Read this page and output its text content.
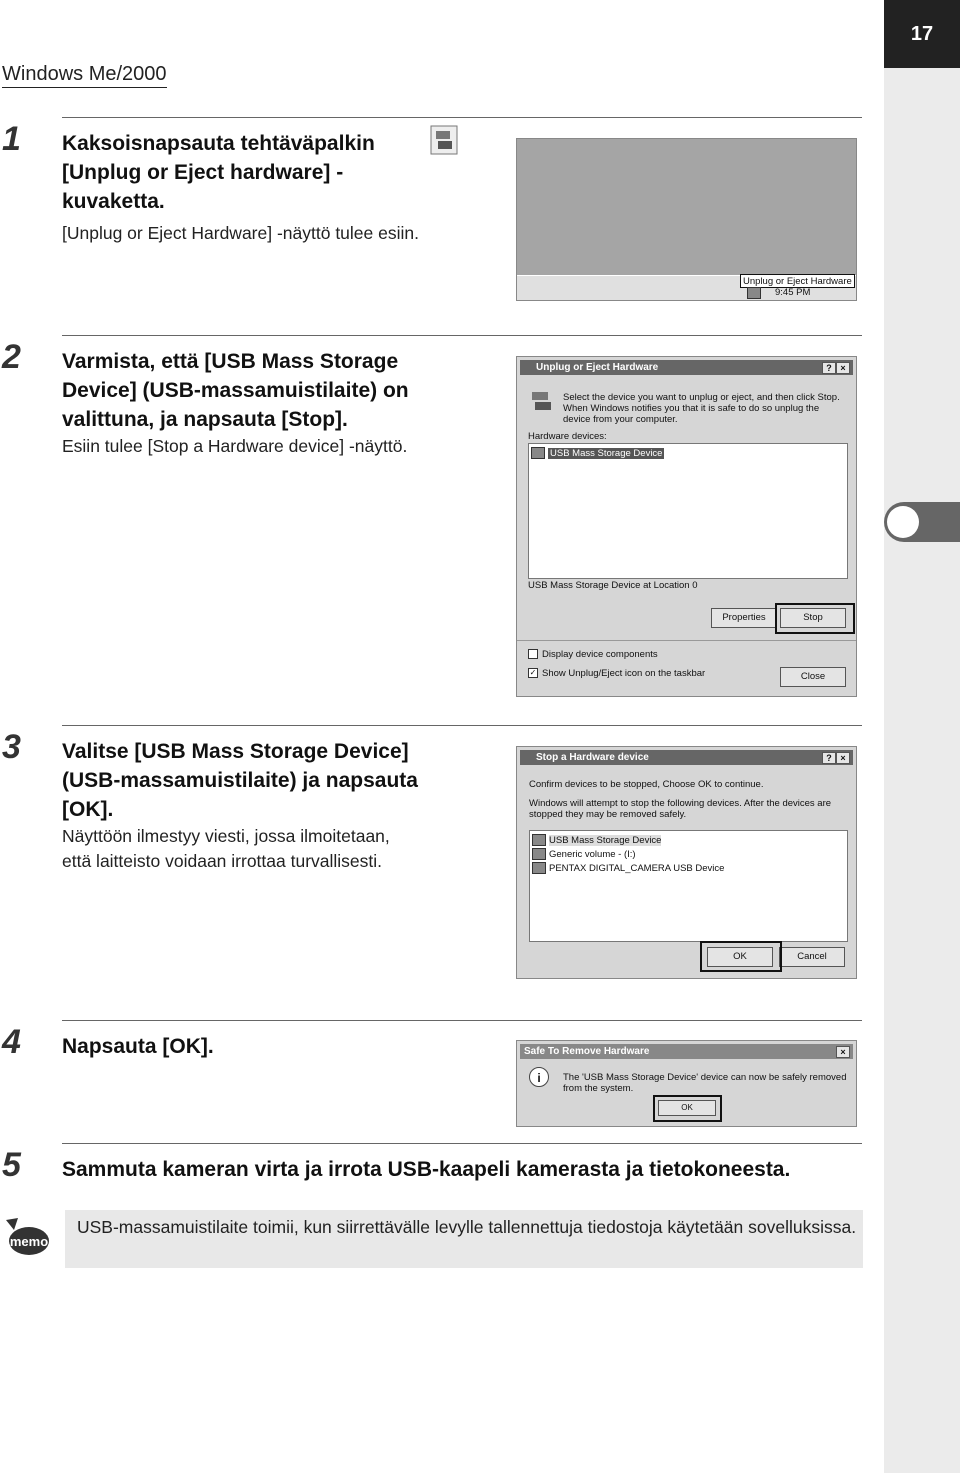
17
Windows Me/2000
1 Kaksoisnapsauta tehtäväpalkin
[Unplug or Eject hardware] -
kuvaketta.
[Unplug or Eject Hardware] -näyttö tulee esiin.
Unplug or Eject Hardware
9:45 PM
2 Varmista, että [USB Mass Storage
Device] (USB-massamuistilaite) on
valittuna, ja napsauta [Stop].
Esiin tulee [Stop a Hardware device] -näyttö.
Unplug or Eject Hardware	? ×
Select the device you want to unplug or eject, and then click Stop. When Windows notifies you that it is safe to do so unplug the device from your computer.
Hardware devices:
USB Mass Storage Device
USB Mass Storage Device at Location 0
Properties	Stop
Display device components
✓ Show Unplug/Eject icon on the taskbar	Close
3 Valitse [USB Mass Storage Device]
(USB-massamuistilaite) ja napsauta
[OK].
Näyttöön ilmestyy viesti, jossa ilmoitetaan,
että laitteisto voidaan irrottaa turvallisesti.
Stop a Hardware device	? ×
Confirm devices to be stopped, Choose OK to continue.
Windows will attempt to stop the following devices. After the devices are stopped they may be removed safely.
USB Mass Storage Device
Generic volume - (I:)
PENTAX DIGITAL_CAMERA USB Device
OK	Cancel
4 Napsauta [OK].	Safe To Remove Hardware	×
i	The 'USB Mass Storage Device' device can now be safely removed from the system.
OK
5 Sammuta kameran virta ja irrota USB-kaapeli kamerasta ja tietokoneesta.
memo
USB-massamuistilaite toimii, kun siirrettävälle levylle tallennettuja tiedostoja käytetään sovelluksissa.
